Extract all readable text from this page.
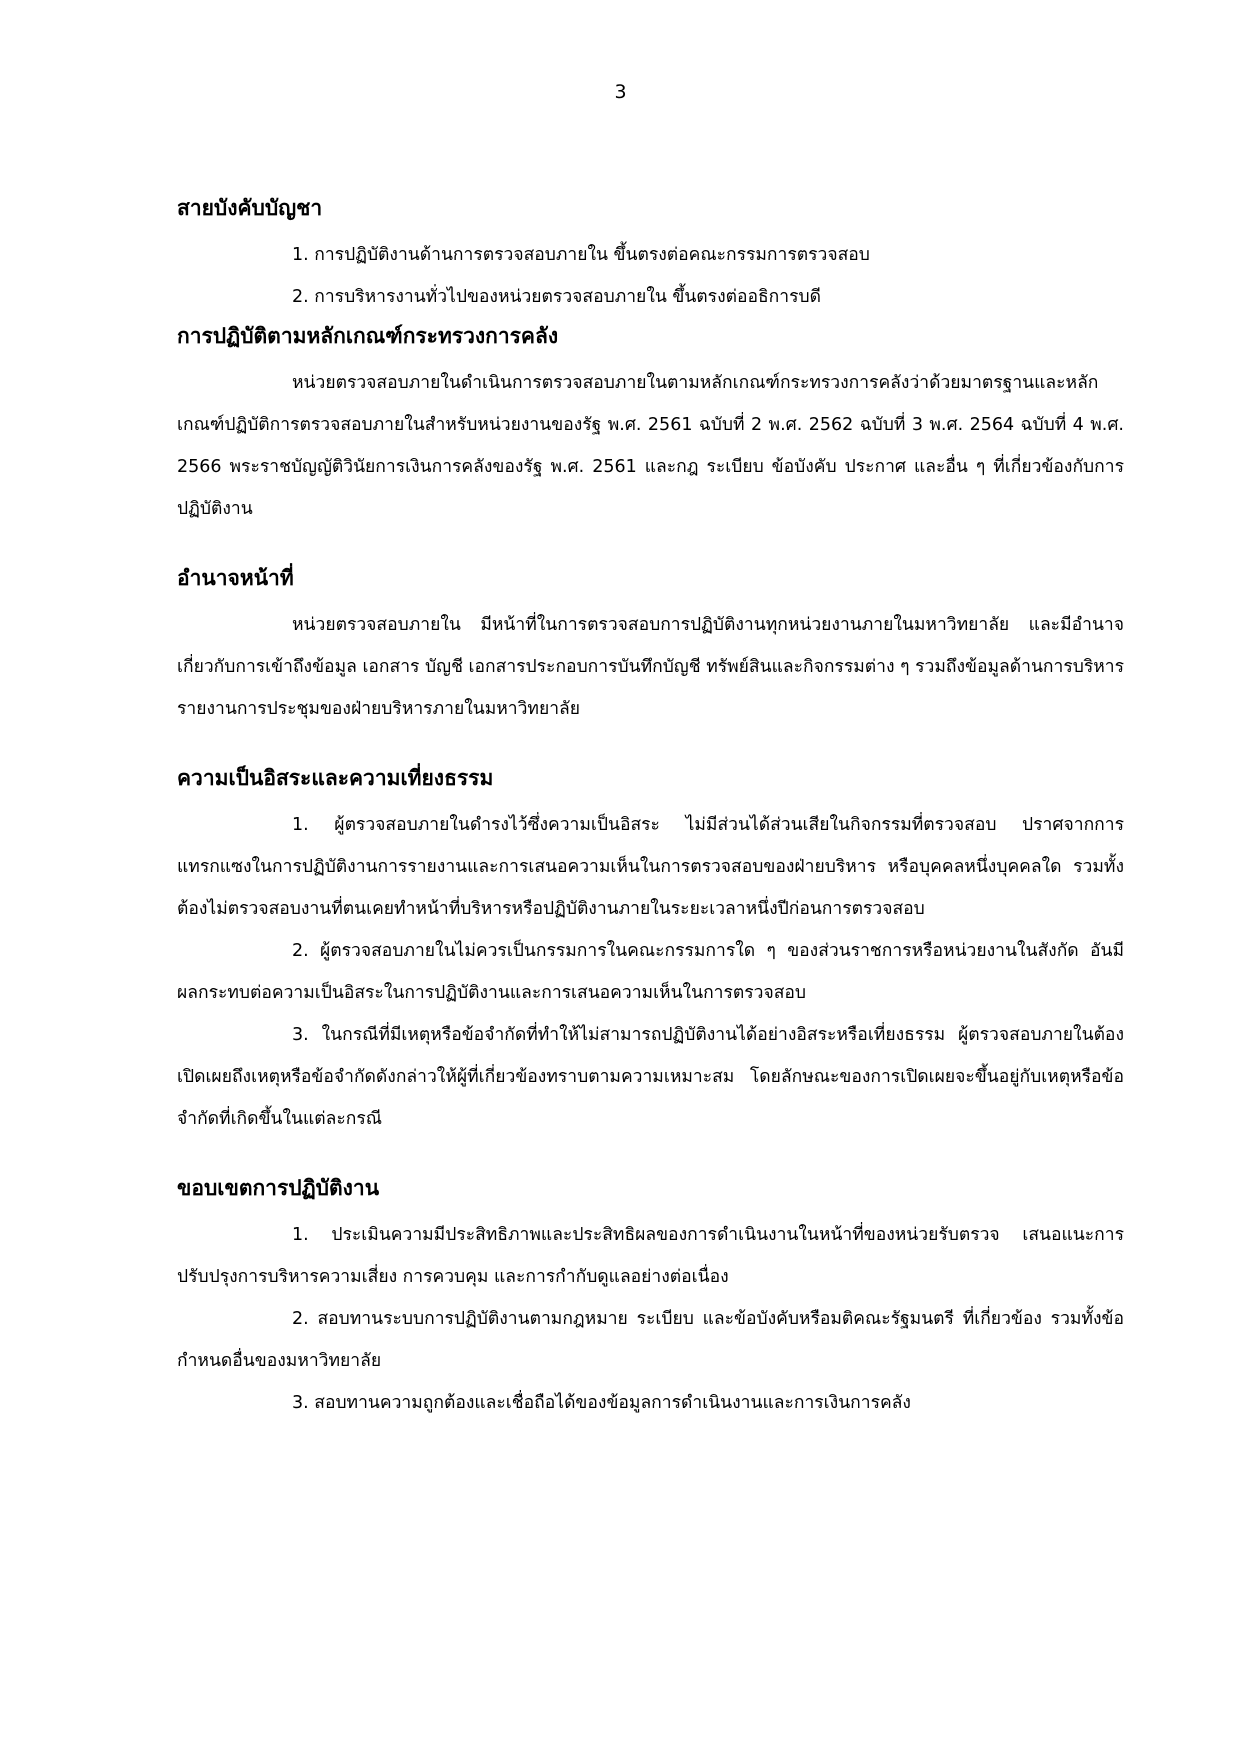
3
สายบังคับบัญชา
1. การปฏิบัติงานด้านการตรวจสอบภายใน ขึ้นตรงต่อคณะกรรมการตรวจสอบ
2. การบริหารงานทั่วไปของหน่วยตรวจสอบภายใน ขึ้นตรงต่ออธิการบดี
การปฏิบัติตามหลักเกณฑ์กระทรวงการคลัง

หน่วยตรวจสอบภายในดำเนินการตรวจสอบภายในตามหลักเกณฑ์กระทรวงการคลังว่าด้วยมาตรฐานและหลักเกณฑ์ปฏิบัติการตรวจสอบภายในสำหรับหน่วยงานของรัฐ พ.ศ. 2561 ฉบับที่ 2 พ.ศ. 2562 ฉบับที่ 3 พ.ศ. 2564 ฉบับที่ 4 พ.ศ. 2566 พระราชบัญญัติวินัยการเงินการคลังของรัฐ พ.ศ. 2561 และกฎ ระเบียบ ข้อบังคับ ประกาศ และอื่น ๆ ที่เกี่ยวข้องกับการปฏิบัติงาน

อำนาจหน้าที่

หน่วยตรวจสอบภายใน มีหน้าที่ในการตรวจสอบการปฏิบัติงานทุกหน่วยงานภายในมหาวิทยาลัย และมีอำนาจเกี่ยวกับการเข้าถึงข้อมูล เอกสาร บัญชี เอกสารประกอบการบันทึกบัญชี ทรัพย์สินและกิจกรรมต่าง ๆ รวมถึงข้อมูลด้านการบริหาร รายงานการประชุมของฝ่ายบริหารภายในมหาวิทยาลัย

ความเป็นอิสระและความเที่ยงธรรม

1. ผู้ตรวจสอบภายในดำรงไว้ซึ่งความเป็นอิสระ ไม่มีส่วนได้ส่วนเสียในกิจกรรมที่ตรวจสอบ ปราศจากการแทรกแซงในการปฏิบัติงานการรายงานและการเสนอความเห็นในการตรวจสอบของฝ่ายบริหาร หรือบุคคลหนึ่งบุคคลใด รวมทั้งต้องไม่ตรวจสอบงานที่ตนเคยทำหน้าที่บริหารหรือปฏิบัติงานภายในระยะเวลาหนึ่งปีก่อนการตรวจสอบ

2. ผู้ตรวจสอบภายในไม่ควรเป็นกรรมการในคณะกรรมการใด ๆ ของส่วนราชการหรือหน่วยงานในสังกัด อันมีผลกระทบต่อความเป็นอิสระในการปฏิบัติงานและการเสนอความเห็นในการตรวจสอบ

3. ในกรณีที่มีเหตุหรือข้อจำกัดที่ทำให้ไม่สามารถปฏิบัติงานได้อย่างอิสระหรือเที่ยงธรรม ผู้ตรวจสอบภายในต้องเปิดเผยถึงเหตุหรือข้อจำกัดดังกล่าวให้ผู้ที่เกี่ยวข้องทราบตามความเหมาะสม โดยลักษณะของการเปิดเผยจะขึ้นอยู่กับเหตุหรือข้อจำกัดที่เกิดขึ้นในแต่ละกรณี

ขอบเขตการปฏิบัติงาน

1. ประเมินความมีประสิทธิภาพและประสิทธิผลของการดำเนินงานในหน้าที่ของหน่วยรับตรวจ เสนอแนะการปรับปรุงการบริหารความเสี่ยง การควบคุม และการกำกับดูแลอย่างต่อเนื่อง

2. สอบทานระบบการปฏิบัติงานตามกฎหมาย ระเบียบ และข้อบังคับหรือมติคณะรัฐมนตรี ที่เกี่ยวข้อง รวมทั้งข้อกำหนดอื่นของมหาวิทยาลัย

3. สอบทานความถูกต้องและเชื่อถือได้ของข้อมูลการดำเนินงานและการเงินการคลัง
